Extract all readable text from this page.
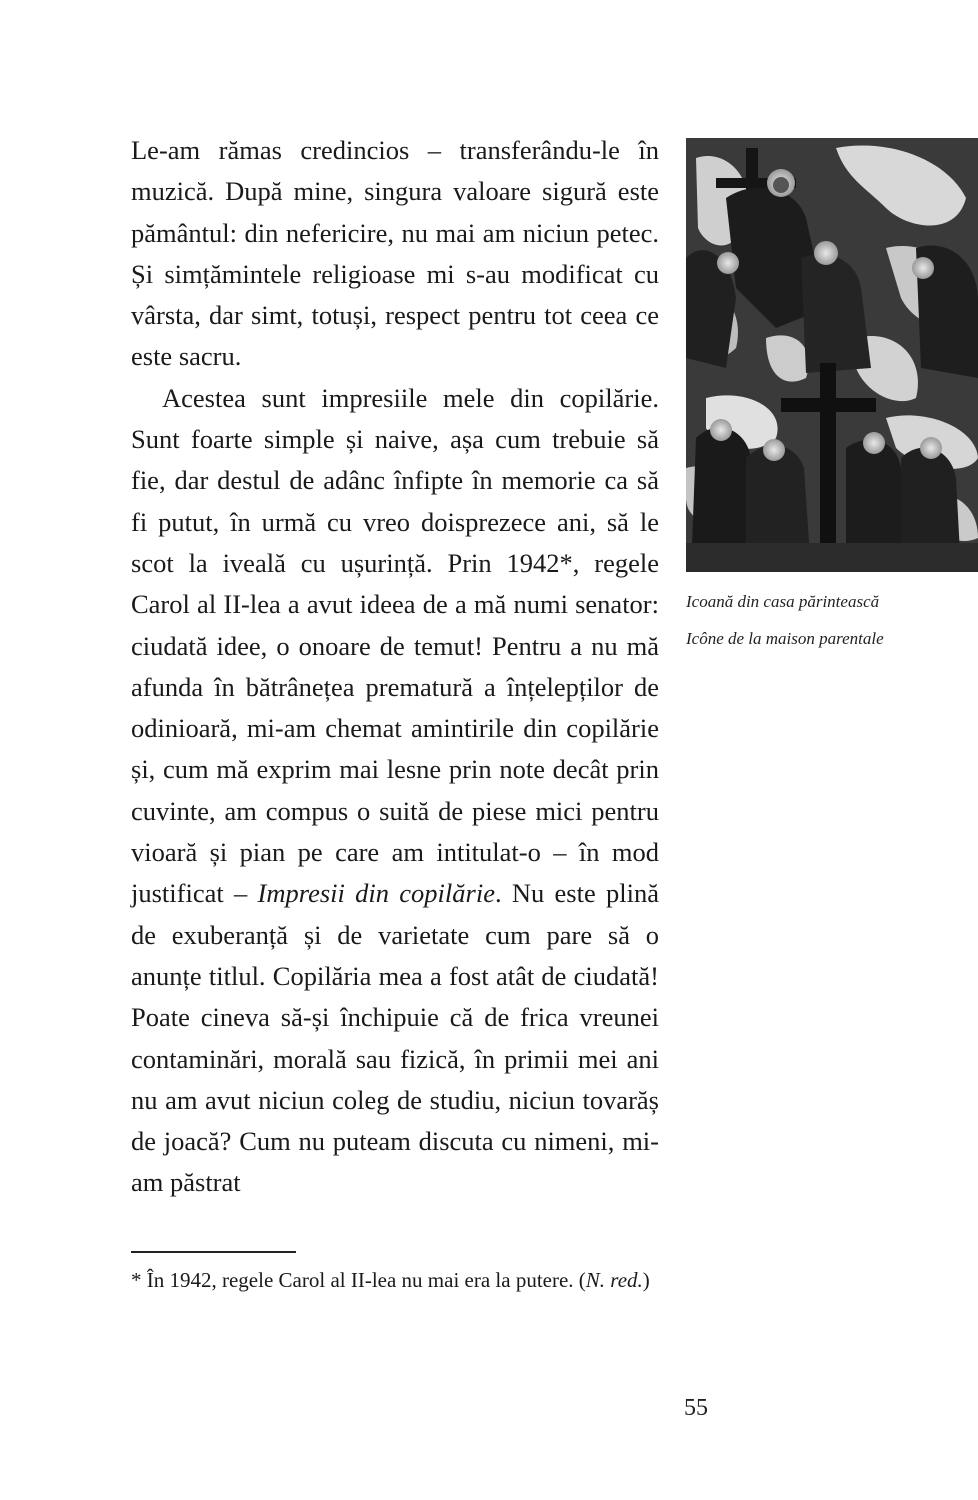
Le-am rămas credincios – transferându-le în muzică. După mine, singura valoare sigură este pământul: din nefericire, nu mai am niciun petec. Și simțămintele religioase mi s-au modificat cu vârsta, dar simt, totuși, respect pentru tot ceea ce este sacru.

Acestea sunt impresiile mele din copilărie. Sunt foarte simple și naive, așa cum trebuie să fie, dar destul de adânc înfipte în memorie ca să fi putut, în urmă cu vreo doisprezece ani, să le scot la iveală cu ușurință. Prin 1942*, regele Carol al II-lea a avut ideea de a mă numi senator: ciudată idee, o onoare de temut! Pentru a nu mă afunda în bătrânețea prematură a înțelepților de odinioară, mi-am chemat amintirile din copilărie și, cum mă exprim mai lesne prin note decât prin cuvinte, am compus o suită de piese mici pentru vioară și pian pe care am intitulat-o – în mod justificat – Impresii din copilărie. Nu este plină de exuberanță și de varietate cum pare să o anunțe titlul. Copilăria mea a fost atât de ciudată! Poate cineva să-și închipuie că de frica vreunei contaminări, morală sau fizică, în primii mei ani nu am avut niciun coleg de studiu, niciun tovarăș de joacă? Cum nu puteam discuta cu nimeni, mi-am păstrat

Icoană din casa părintească
Icône de la maison parentale
* În 1942, regele Carol al II-lea nu mai era la putere. (N. red.)
55
